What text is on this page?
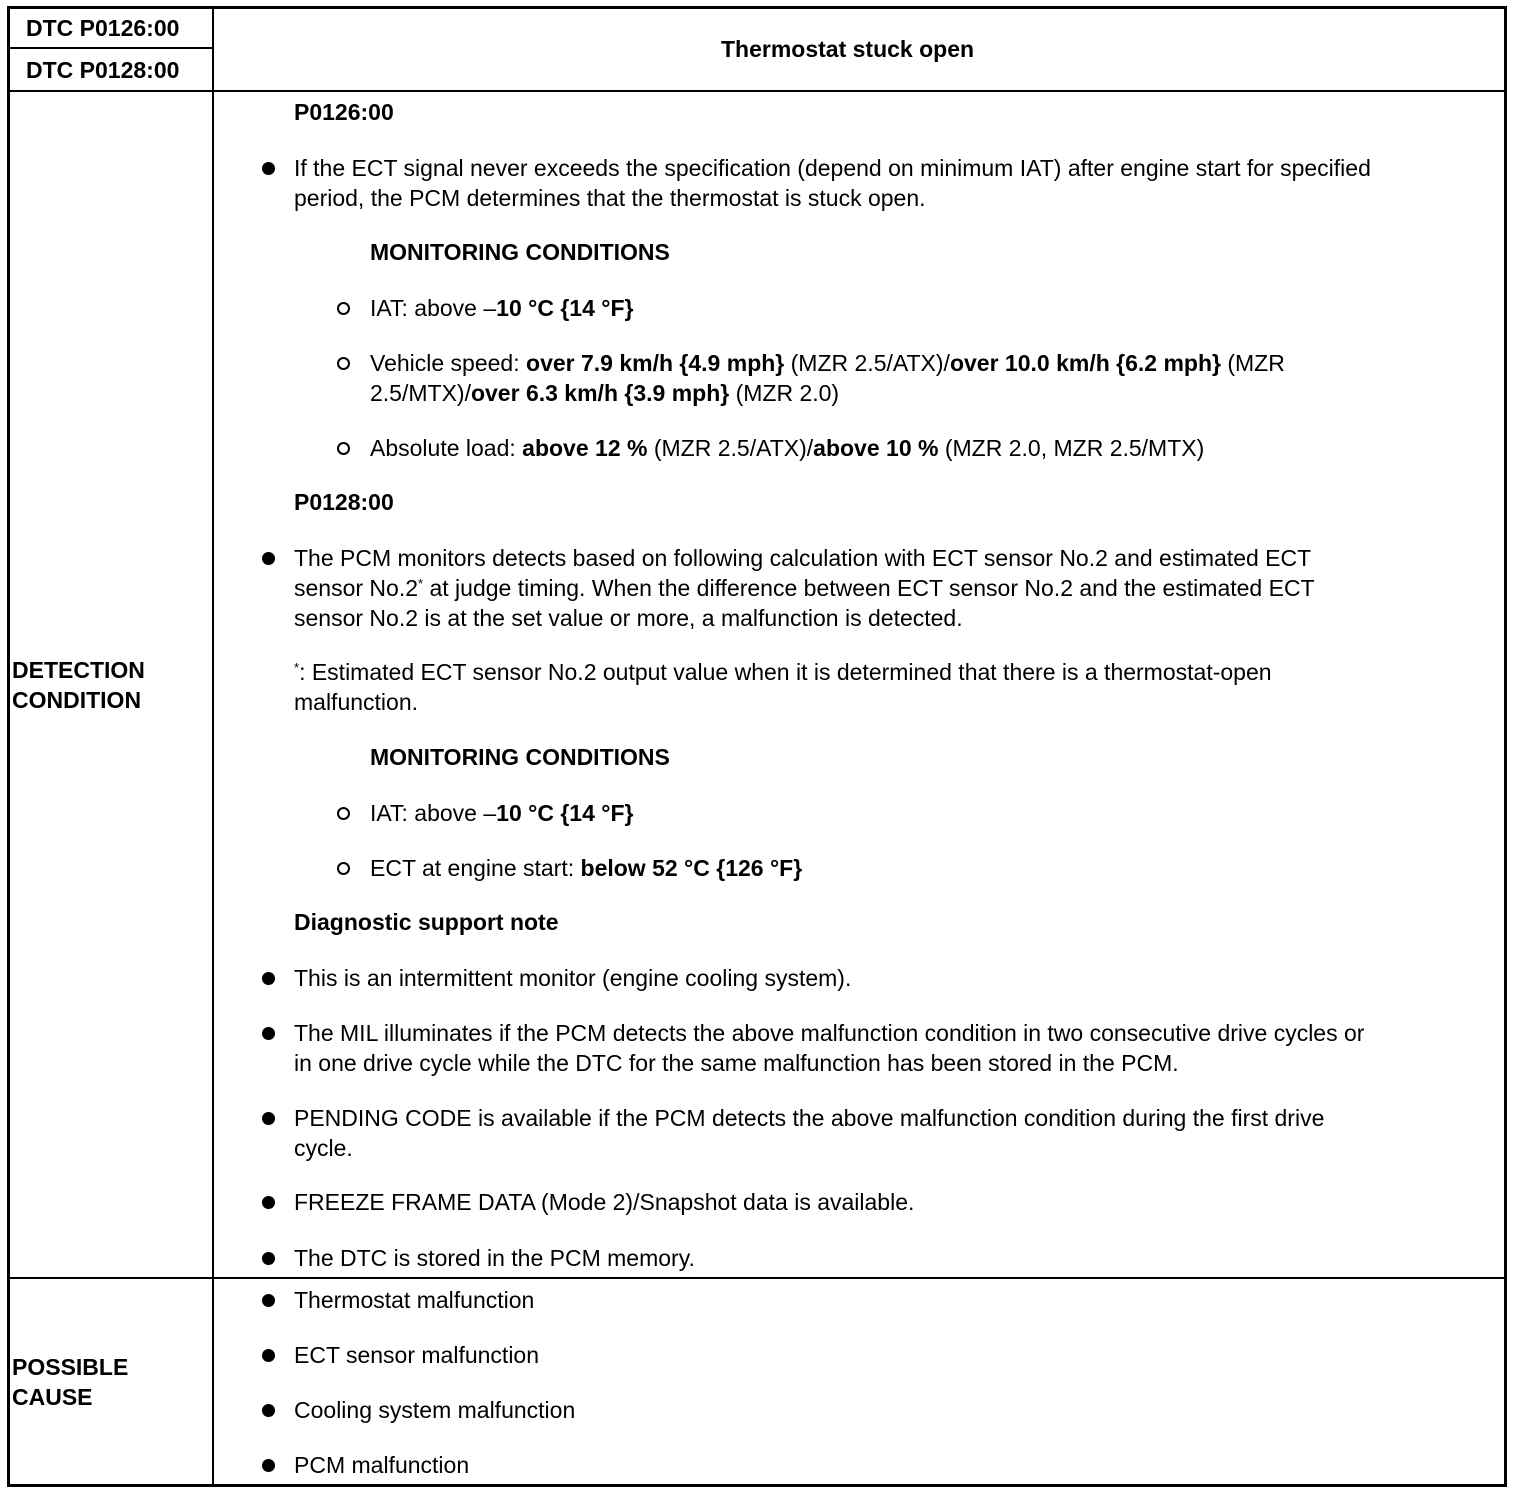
DTC P0126:00
DTC P0128:00
Thermostat stuck open
DETECTION
CONDITION
P0126:00
If the ECT signal never exceeds the specification (depend on minimum IAT) after engine start for specified
period, the PCM determines that the thermostat is stuck open.
MONITORING CONDITIONS
IAT: above –10 °C {14 °F}
Vehicle speed: over 7.9 km/h {4.9 mph} (MZR 2.5/ATX)/over 10.0 km/h {6.2 mph} (MZR
2.5/MTX)/over 6.3 km/h {3.9 mph} (MZR 2.0)
Absolute load: above 12 % (MZR 2.5/ATX)/above 10 % (MZR 2.0, MZR 2.5/MTX)
P0128:00
The PCM monitors detects based on following calculation with ECT sensor No.2 and estimated ECT
sensor No.2* at judge timing. When the difference between ECT sensor No.2 and the estimated ECT
sensor No.2 is at the set value or more, a malfunction is detected.
*: Estimated ECT sensor No.2 output value when it is determined that there is a thermostat-open
malfunction.
MONITORING CONDITIONS
IAT: above –10 °C {14 °F}
ECT at engine start: below 52 °C {126 °F}
Diagnostic support note
This is an intermittent monitor (engine cooling system).
The MIL illuminates if the PCM detects the above malfunction condition in two consecutive drive cycles or
in one drive cycle while the DTC for the same malfunction has been stored in the PCM.
PENDING CODE is available if the PCM detects the above malfunction condition during the first drive
cycle.
FREEZE FRAME DATA (Mode 2)/Snapshot data is available.
The DTC is stored in the PCM memory.
POSSIBLE
CAUSE
Thermostat malfunction
ECT sensor malfunction
Cooling system malfunction
PCM malfunction
